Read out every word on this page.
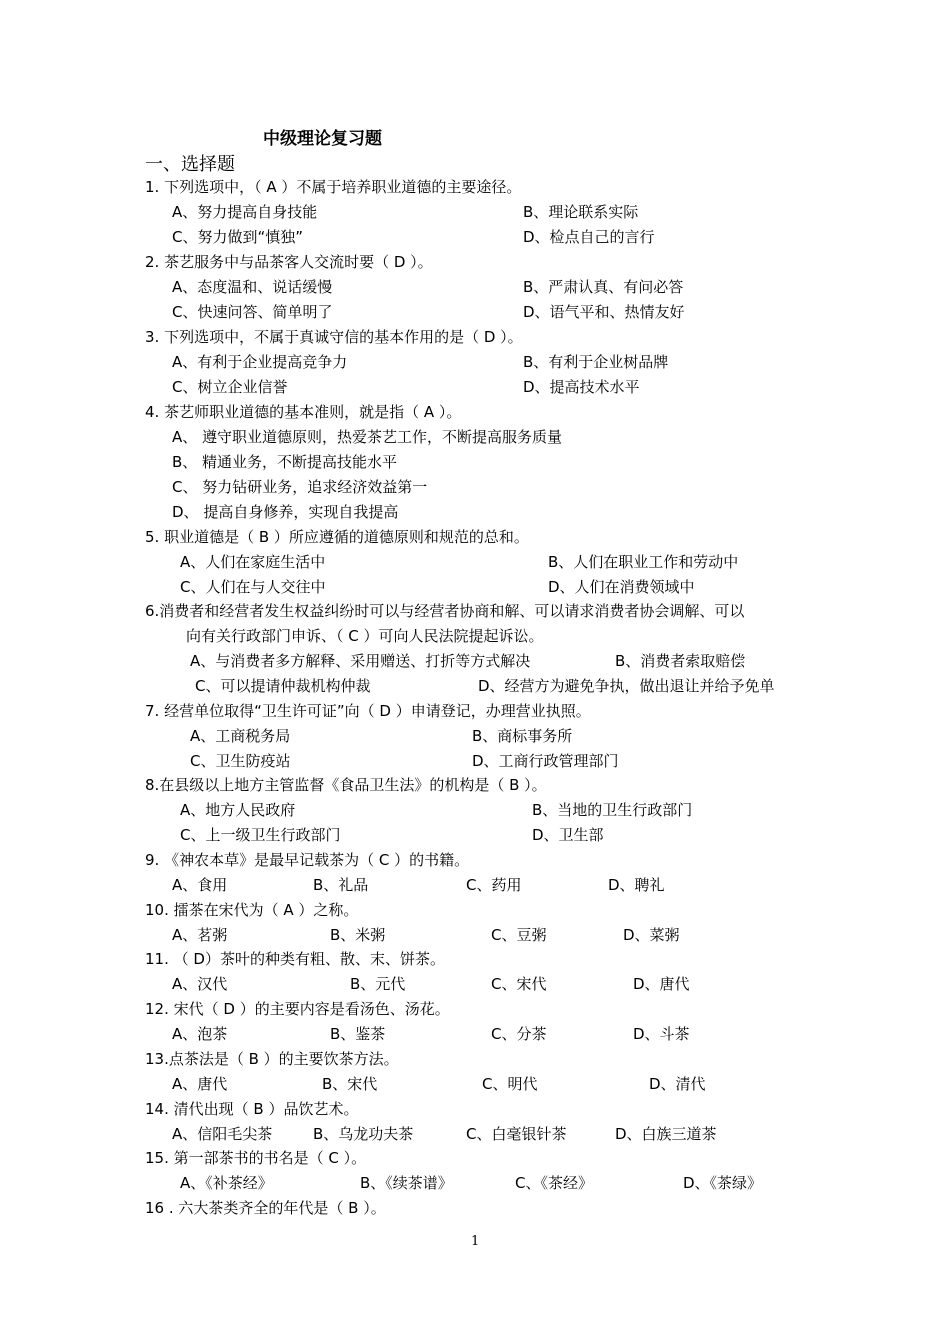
中级理论复习题
一、选择题
1. 下列选项中，（ A ）不属于培养职业道德的主要途径。
A、努力提高自身技能	B、理论联系实际
C、努力做到“慎独”	D、检点自己的言行
2. 茶艺服务中与品茶客人交流时要（ D ）。
A、态度温和、说话缓慢	B、严肃认真、有问必答
C、快速问答、简单明了	D、语气平和、热情友好
3. 下列选项中，不属于真诚守信的基本作用的是（ D ）。
A、有利于企业提高竞争力	B、有利于企业树品牌
C、树立企业信誉	D、提高技术水平
4. 茶艺师职业道德的基本准则，就是指（ A ）。
A、 遵守职业道德原则，热爱茶艺工作，不断提高服务质量
B、 精通业务，不断提高技能水平
C、 努力钻研业务，追求经济效益第一
D、 提高自身修养，实现自我提高
5. 职业道德是（ B ）所应遵循的道德原则和规范的总和。
A、人们在家庭生活中	B、人们在职业工作和劳动中
C、人们在与人交往中	D、人们在消费领域中
6.消费者和经营者发生权益纠纷时可以与经营者协商和解、可以请求消费者协会调解、可以
向有关行政部门申诉、（ C ）可向人民法院提起诉讼。
A、与消费者多方解释、采用赠送、打折等方式解决	B、消费者索取赔偿
C、可以提请仲裁机构仲裁	D、经营方为避免争执，做出退让并给予免单
7. 经营单位取得“卫生许可证”向（ D ）申请登记，办理营业执照。
A、工商税务局	B、商标事务所
C、卫生防疫站	D、工商行政管理部门
8.在县级以上地方主管监督《食品卫生法》的机构是（ B ）。
A、地方人民政府	B、当地的卫生行政部门
C、上一级卫生行政部门	D、卫生部
9. 《神农本草》是最早记载茶为（ C ）的书籍。
A、食用	B、礼品	C、药用	D、聘礼
10. 擂茶在宋代为（ A ）之称。
A、茗粥	B、米粥	C、豆粥	D、菜粥
11. （ D）茶叶的种类有粗、散、末、饼茶。
A、汉代	B、元代	C、宋代	D、唐代
12. 宋代（ D ）的主要内容是看汤色、汤花。
A、泡茶	B、鉴茶	C、分茶	D、斗茶
13.点茶法是（ B ）的主要饮茶方法。
A、唐代	B、宋代	C、明代	D、清代
14. 清代出现（ B ）品饮艺术。
A、信阳毛尖茶	B、乌龙功夫茶	C、白毫银针茶	D、白族三道茶
15. 第一部茶书的书名是（ C ）。
A、《补茶经》	B、《续茶谱》	C、《茶经》	D、《茶绿》
16 . 六大茶类齐全的年代是（ B ）。
1
